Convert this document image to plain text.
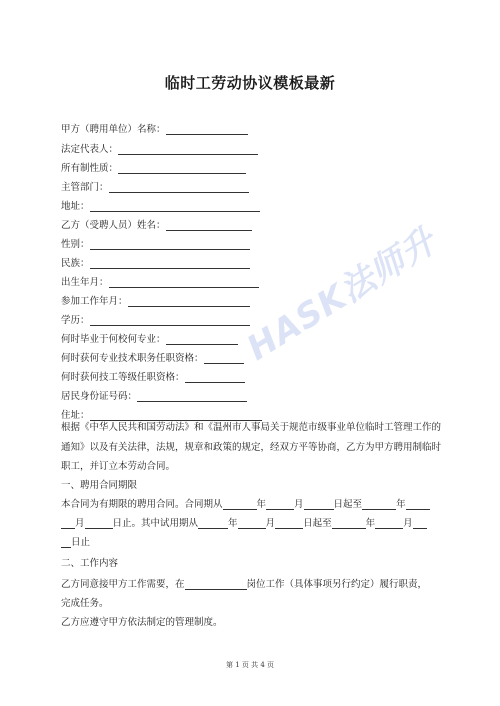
临时工劳动协议模板最新
甲方（聘用单位）名称：
法定代表人：
所有制性质：
主管部门：
地址：
乙方（受聘人员）姓名：
性别：
民族：
出生年月：
参加工作年月：
学历：
何时毕业于何校何专业：
何时获何专业技术职务任职资格：
何时获何技工等级任职资格：
居民身份证号码：
住址：
根据《中华人民共和国劳动法》和《温州市人事局关于规范市级事业单位临时工管理工作的通知》以及有关法律，法规，规章和政策的规定，经双方平等协商，乙方为甲方聘用制临时职工，并订立本劳动合同。
一、聘用合同期限
本合同为有期限的聘用合同。合同期从	年	月	日起至	年
月	日止。其中试用期从	年	月	日起至	年	月
日止
二、工作内容
乙方同意接甲方工作需要，在	岗位工作（具体事项另行约定）履行职责，
完成任务。
乙方应遵守甲方依法制定的管理制度。
第 1 页 共 4 页
HASK法师升
